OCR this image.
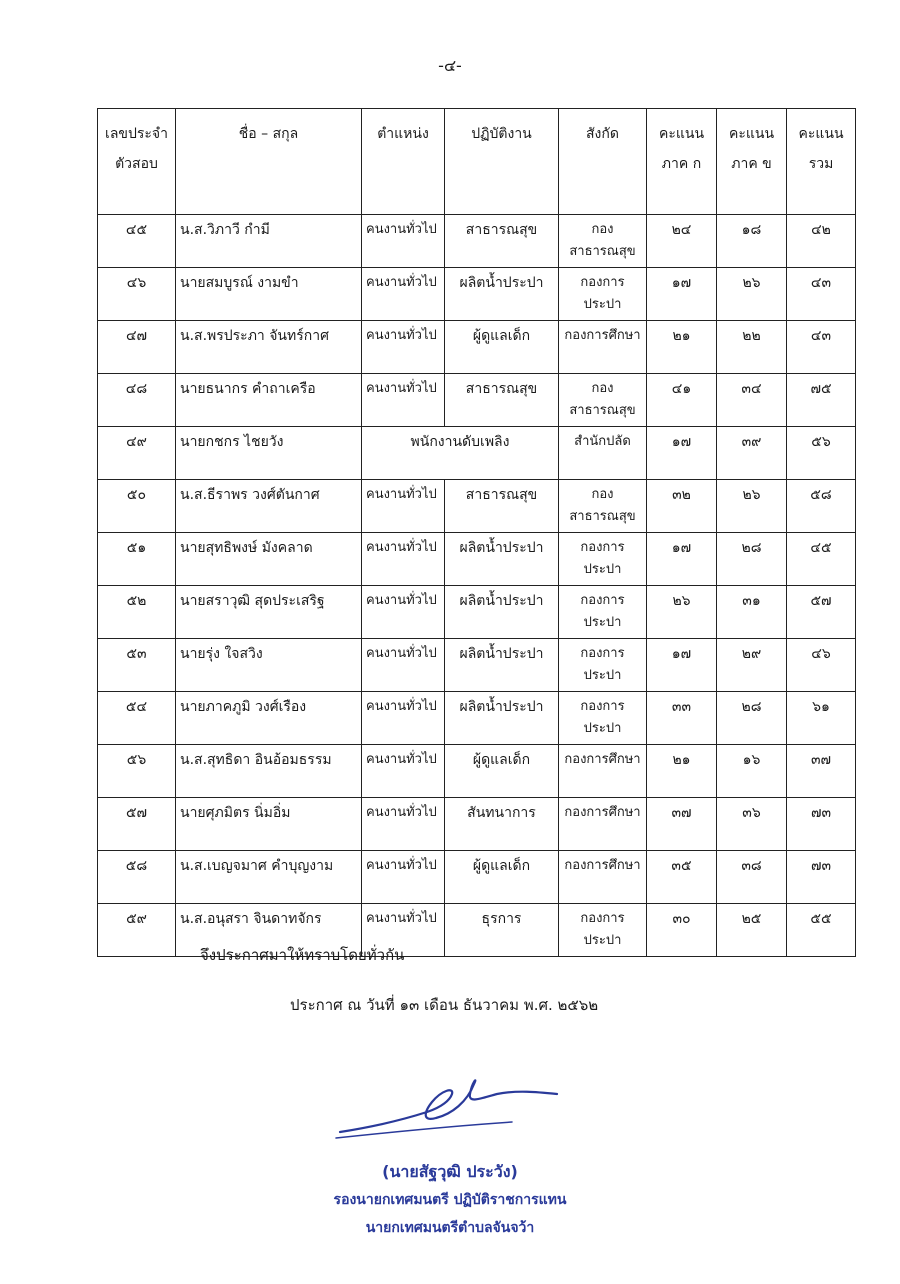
-๔-
เลขประจำตัวสอบ	ชื่อ – สกุล	ตำแหน่ง	ปฏิบัติงาน	สังกัด	คะแนนภาค ก	คะแนนภาค ข	คะแนนรวม
๔๕	น.ส.วิภาวี กำมี	คนงานทั่วไป	สาธารณสุข	กองสาธารณสุข	๒๔	๑๘	๔๒
๔๖	นายสมบูรณ์ งามขำ	คนงานทั่วไป	ผลิตน้ำประปา	กองการประปา	๑๗	๒๖	๔๓
๔๗	น.ส.พรประภา จันทร์กาศ	คนงานทั่วไป	ผู้ดูแลเด็ก	กองการศึกษา	๒๑	๒๒	๔๓
๔๘	นายธนากร คำถาเครือ	คนงานทั่วไป	สาธารณสุข	กองสาธารณสุข	๔๑	๓๔	๗๕
๔๙	นายกชกร ไชยวัง	พนักงานดับเพลิง		สำนักปลัด	๑๗	๓๙	๕๖
๕๐	น.ส.ธีราพร วงศ์ตันกาศ	คนงานทั่วไป	สาธารณสุข	กองสาธารณสุข	๓๒	๒๖	๕๘
๕๑	นายสุทธิพงษ์ มังคลาด	คนงานทั่วไป	ผลิตน้ำประปา	กองการประปา	๑๗	๒๘	๔๕
๕๒	นายสราวุฒิ สุดประเสริฐ	คนงานทั่วไป	ผลิตน้ำประปา	กองการประปา	๒๖	๓๑	๕๗
๕๓	นายรุ่ง ใจสวิง	คนงานทั่วไป	ผลิตน้ำประปา	กองการประปา	๑๗	๒๙	๔๖
๕๔	นายภาคภูมิ วงศ์เรือง	คนงานทั่วไป	ผลิตน้ำประปา	กองการประปา	๓๓	๒๘	๖๑
๕๖	น.ส.สุทธิดา อินอ้อมธรรม	คนงานทั่วไป	ผู้ดูแลเด็ก	กองการศึกษา	๒๑	๑๖	๓๗
๕๗	นายศุภมิตร นิ่มอิ่ม	คนงานทั่วไป	สันทนาการ	กองการศึกษา	๓๗	๓๖	๗๓
๕๘	น.ส.เบญจมาศ คำบุญงาม	คนงานทั่วไป	ผู้ดูแลเด็ก	กองการศึกษา	๓๕	๓๘	๗๓
๕๙	น.ส.อนุสรา จินดาทจักร	คนงานทั่วไป	ธุรการ	กองการประปา	๓๐	๒๕	๕๕
จึงประกาศมาให้ทราบโดยทั่วกัน
ประกาศ ณ วันที่ ๑๓ เดือน ธันวาคม พ.ศ. ๒๕๖๒
(นายสัฐวุฒิ ประวัง)
รองนายกเทศมนตรี ปฏิบัติราชการแทน
นายกเทศมนตรีตำบลจันจว้า
